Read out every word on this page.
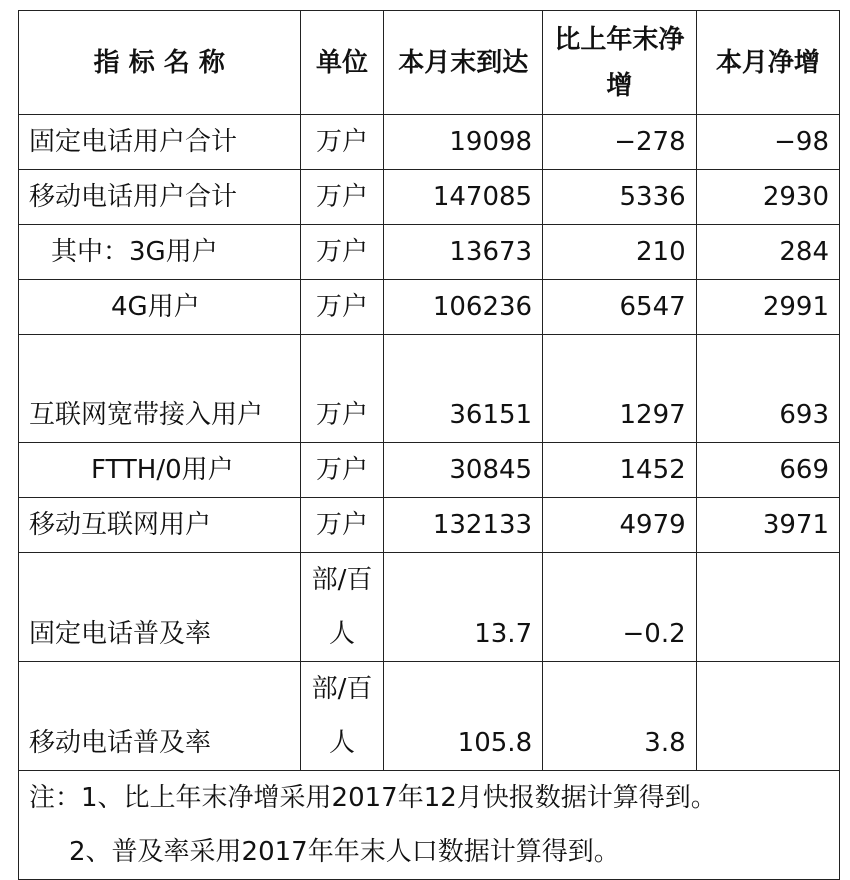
指 标 名 称	单位	本月末到达	比上年末净增	本月净增
固定电话用户合计	万户	19098	−278	−98
移动电话用户合计	万户	147085	5336	2930
其中：3G用户	万户	13673	210	284
4G用户	万户	106236	6547	2991
互联网宽带接入用户	万户	36151	1297	693
FTTH/0用户	万户	30845	1452	669
移动互联网用户	万户	132133	4979	3971
固定电话普及率	部/百人	13.7	−0.2	
移动电话普及率	部/百人	105.8	3.8	
注：1、比上年末净增采用2017年12月快报数据计算得到。
2、普及率采用2017年年末人口数据计算得到。				
